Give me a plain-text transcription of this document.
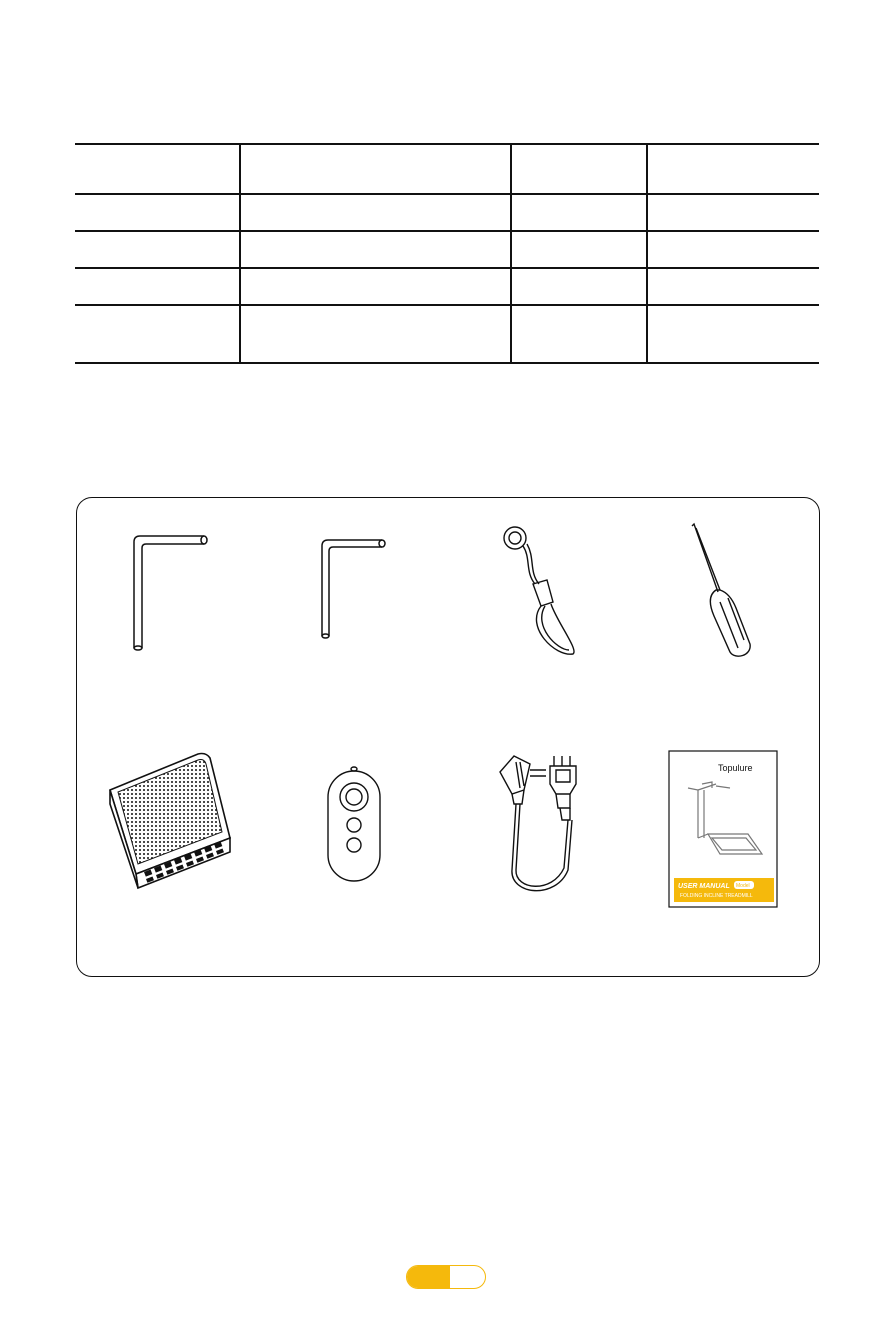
Topulure
USER MANUAL Model
FOLDING INCLINE TREADMILL
